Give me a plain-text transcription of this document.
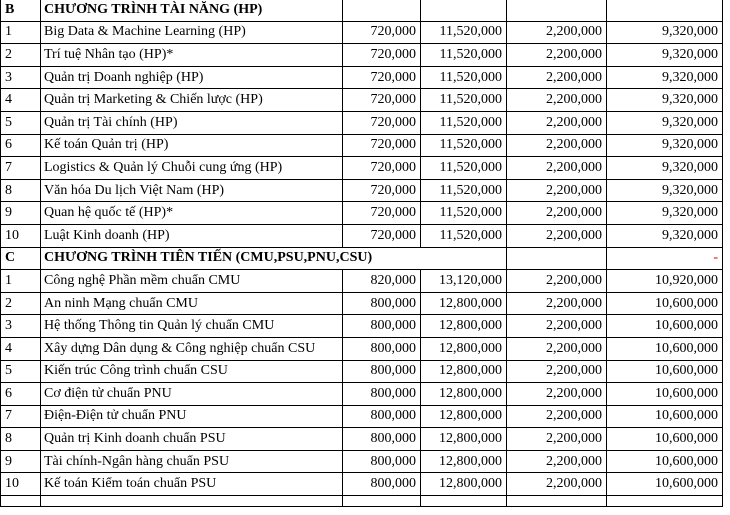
B	CHƯƠNG TRÌNH TÀI NĂNG (HP)				
1	Big Data & Machine Learning (HP)	720,000	11,520,000	2,200,000	9,320,000
2	Trí tuệ Nhân tạo (HP)*	720,000	11,520,000	2,200,000	9,320,000
3	Quản trị Doanh nghiệp (HP)	720,000	11,520,000	2,200,000	9,320,000
4	Quản trị Marketing & Chiến lược (HP)	720,000	11,520,000	2,200,000	9,320,000
5	Quản trị Tài chính (HP)	720,000	11,520,000	2,200,000	9,320,000
6	Kế toán Quản trị (HP)	720,000	11,520,000	2,200,000	9,320,000
7	Logistics & Quản lý Chuỗi cung ứng (HP)	720,000	11,520,000	2,200,000	9,320,000
8	Văn hóa Du lịch Việt Nam (HP)	720,000	11,520,000	2,200,000	9,320,000
9	Quan hệ quốc tế (HP)*	720,000	11,520,000	2,200,000	9,320,000
10	Luật Kinh doanh (HP)	720,000	11,520,000	2,200,000	9,320,000
C	CHƯƠNG TRÌNH TIÊN TIẾN (CMU,PSU,PNU,CSU)				-
1	Công nghệ Phần mềm chuẩn CMU	820,000	13,120,000	2,200,000	10,920,000
2	An ninh Mạng chuẩn CMU	800,000	12,800,000	2,200,000	10,600,000
3	Hệ thống Thông tin Quản lý chuẩn CMU	800,000	12,800,000	2,200,000	10,600,000
4	Xây dựng Dân dụng & Công nghiệp chuẩn CSU	800,000	12,800,000	2,200,000	10,600,000
5	Kiến trúc Công trình chuẩn CSU	800,000	12,800,000	2,200,000	10,600,000
6	Cơ điện tử chuẩn PNU	800,000	12,800,000	2,200,000	10,600,000
7	Điện-Điện tử chuẩn PNU	800,000	12,800,000	2,200,000	10,600,000
8	Quản trị Kinh doanh chuẩn PSU	800,000	12,800,000	2,200,000	10,600,000
9	Tài chính-Ngân hàng chuẩn PSU	800,000	12,800,000	2,200,000	10,600,000
10	Kế toán Kiểm toán chuẩn PSU	800,000	12,800,000	2,200,000	10,600,000
